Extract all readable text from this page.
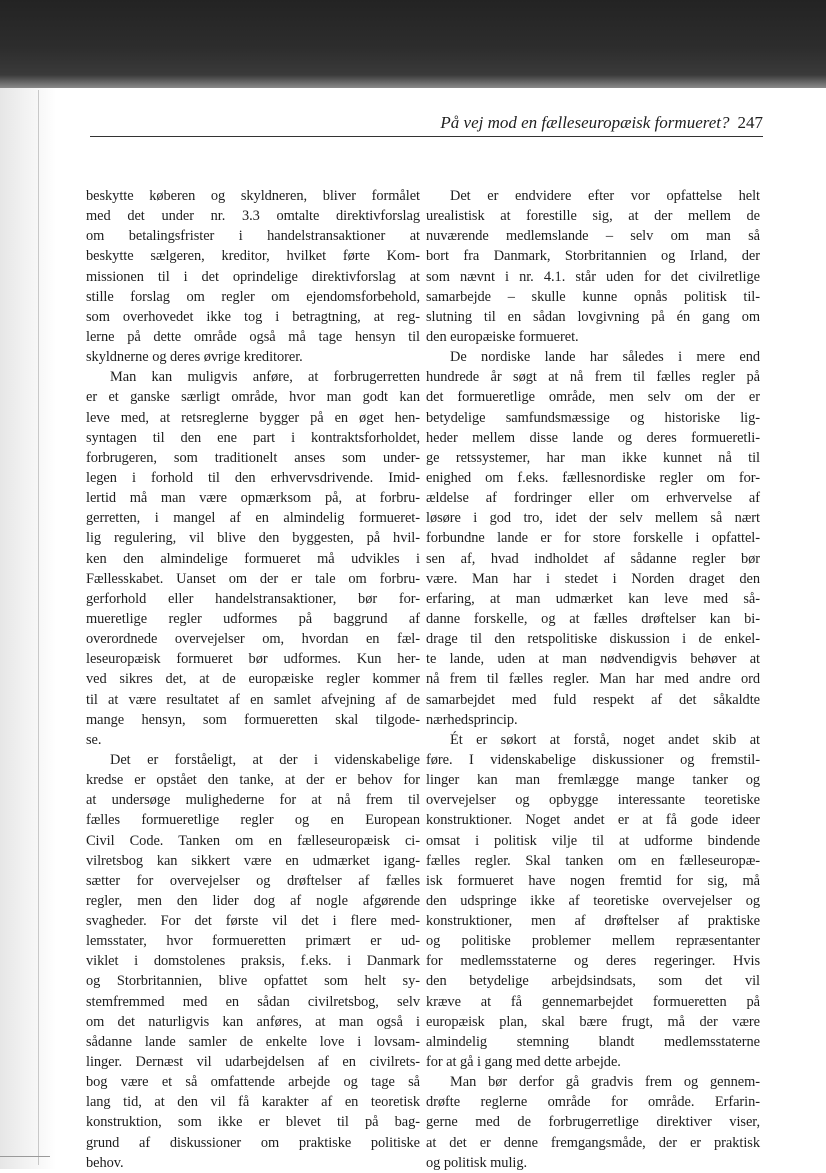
På vej mod en fælleseuropæisk formueret? 247
beskytte køberen og skyldneren, bliver formålet
med det under nr. 3.3 omtalte direktivforslag
om betalingsfrister i handelstransaktioner at
beskytte sælgeren, kreditor, hvilket førte Kom-
missionen til i det oprindelige direktivforslag at
stille forslag om regler om ejendomsforbehold,
som overhovedet ikke tog i betragtning, at reg-
lerne på dette område også må tage hensyn til
skyldnerne og deres øvrige kreditorer.
Man kan muligvis anføre, at forbrugerretten
er et ganske særligt område, hvor man godt kan
leve med, at retsreglerne bygger på en øget hen-
syntagen til den ene part i kontraktsforholdet,
forbrugeren, som traditionelt anses som under-
legen i forhold til den erhvervsdrivende. Imid-
lertid må man være opmærksom på, at forbru-
gerretten, i mangel af en almindelig formueret-
lig regulering, vil blive den byggesten, på hvil-
ken den almindelige formueret må udvikles i
Fællesskabet. Uanset om der er tale om forbru-
gerforhold eller handelstransaktioner, bør for-
mueretlige regler udformes på baggrund af
overordnede overvejelser om, hvordan en fæl-
leseuropæisk formueret bør udformes. Kun her-
ved sikres det, at de europæiske regler kommer
til at være resultatet af en samlet afvejning af de
mange hensyn, som formueretten skal tilgode-
se.
Det er forståeligt, at der i videnskabelige
kredse er opstået den tanke, at der er behov for
at undersøge mulighederne for at nå frem til
fælles formueretlige regler og en European
Civil Code. Tanken om en fælleseuropæisk ci-
vilretsbog kan sikkert være en udmærket igang-
sætter for overvejelser og drøftelser af fælles
regler, men den lider dog af nogle afgørende
svagheder. For det første vil det i flere med-
lemsstater, hvor formueretten primært er ud-
viklet i domstolenes praksis, f.eks. i Danmark
og Storbritannien, blive opfattet som helt sy-
stemfremmed med en sådan civilretsbog, selv
om det naturligvis kan anføres, at man også i
sådanne lande samler de enkelte love i lovsam-
linger. Dernæst vil udarbejdelsen af en civilrets-
bog være et så omfattende arbejde og tage så
lang tid, at den vil få karakter af en teoretisk
konstruktion, som ikke er blevet til på bag-
grund af diskussioner om praktiske politiske
behov.
Det er endvidere efter vor opfattelse helt
urealistisk at forestille sig, at der mellem de
nuværende medlemslande – selv om man så
bort fra Danmark, Storbritannien og Irland, der
som nævnt i nr. 4.1. står uden for det civilretlige
samarbejde – skulle kunne opnås politisk til-
slutning til en sådan lovgivning på én gang om
den europæiske formueret.
De nordiske lande har således i mere end
hundrede år søgt at nå frem til fælles regler på
det formueretlige område, men selv om der er
betydelige samfundsmæssige og historiske lig-
heder mellem disse lande og deres formueretli-
ge retssystemer, har man ikke kunnet nå til
enighed om f.eks. fællesnordiske regler om for-
ældelse af fordringer eller om erhvervelse af
løsøre i god tro, idet der selv mellem så nært
forbundne lande er for store forskelle i opfattel-
sen af, hvad indholdet af sådanne regler bør
være. Man har i stedet i Norden draget den
erfaring, at man udmærket kan leve med så-
danne forskelle, og at fælles drøftelser kan bi-
drage til den retspolitiske diskussion i de enkel-
te lande, uden at man nødvendigvis behøver at
nå frem til fælles regler. Man har med andre ord
samarbejdet med fuld respekt af det såkaldte
nærhedsprincip.
Ét er søkort at forstå, noget andet skib at
føre. I videnskabelige diskussioner og fremstil-
linger kan man fremlægge mange tanker og
overvejelser og opbygge interessante teoretiske
konstruktioner. Noget andet er at få gode ideer
omsat i politisk vilje til at udforme bindende
fælles regler. Skal tanken om en fælleseuropæ-
isk formueret have nogen fremtid for sig, må
den udspringe ikke af teoretiske overvejelser og
konstruktioner, men af drøftelser af praktiske
og politiske problemer mellem repræsentanter
for medlemsstaterne og deres regeringer. Hvis
den betydelige arbejdsindsats, som det vil
kræve at få gennemarbejdet formueretten på
europæisk plan, skal bære frugt, må der være
almindelig stemning blandt medlemsstaterne
for at gå i gang med dette arbejde.
Man bør derfor gå gradvis frem og gennem-
drøfte reglerne område for område. Erfarin-
gerne med de forbrugerretlige direktiver viser,
at det er denne fremgangsmåde, der er praktisk
og politisk mulig.
